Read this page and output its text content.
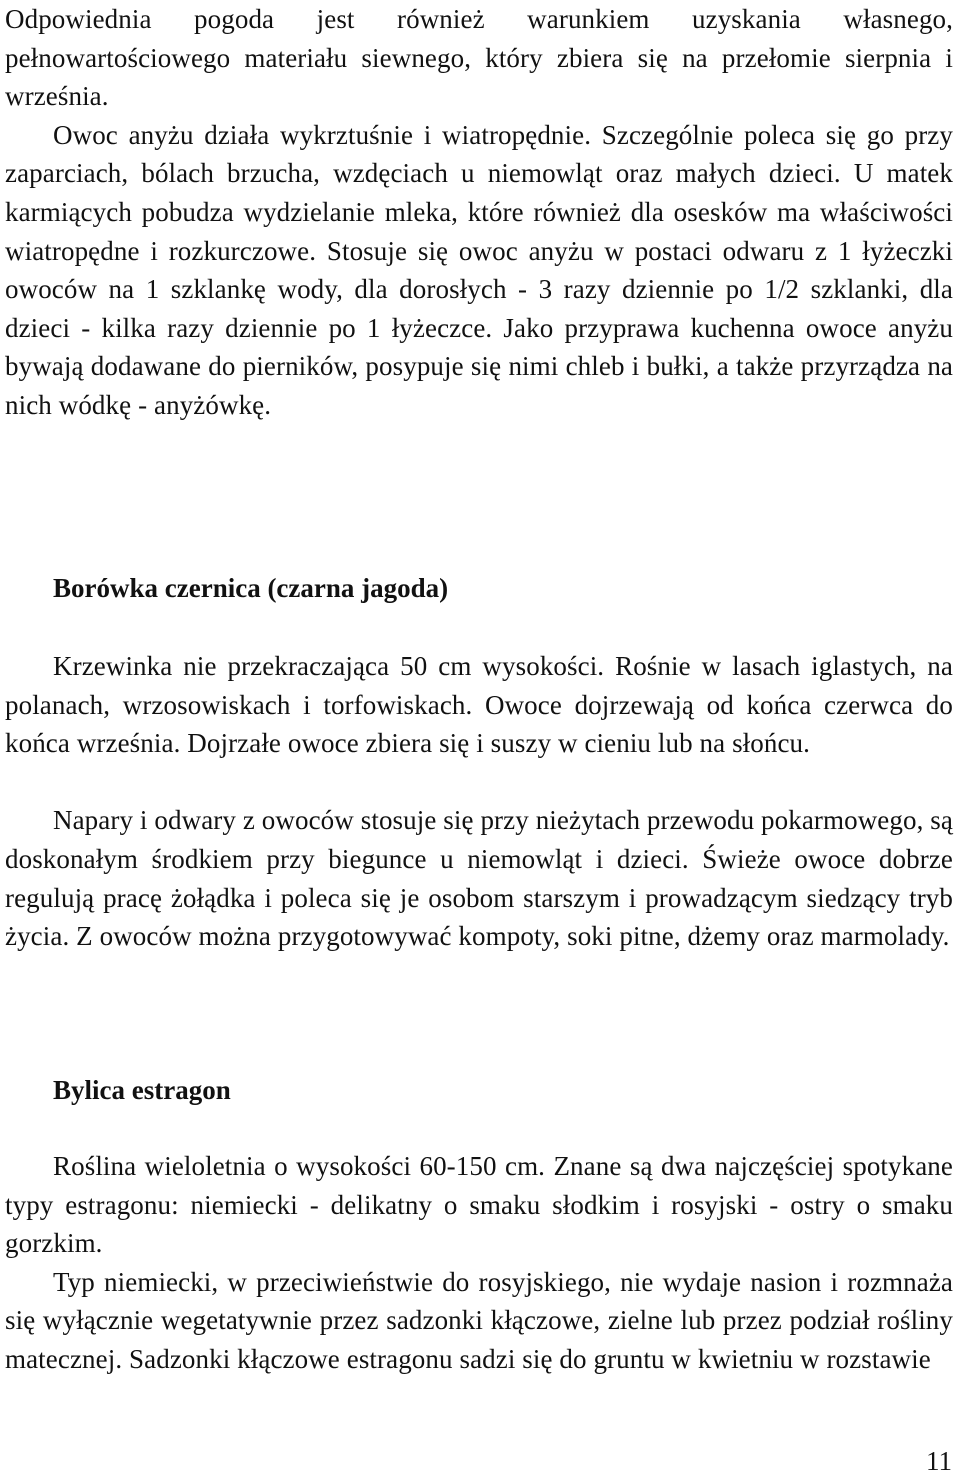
Odpowiednia pogoda jest również warunkiem uzyskania własnego, pełnowartościowego materiału siewnego, który zbiera się na przełomie sierpnia i września.

Owoc anyżu działa wykrztuśnie i wiatropędnie. Szczególnie poleca się go przy zaparciach, bólach brzucha, wzdęciach u niemowląt oraz małych dzieci. U matek karmiących pobudza wydzielanie mleka, które również dla osesków ma właściwości wiatropędne i rozkurczowe. Stosuje się owoc anyżu w postaci odwaru z 1 łyżeczki owoców na 1 szklankę wody, dla dorosłych - 3 razy dziennie po 1/2 szklanki, dla dzieci - kilka razy dziennie po 1 łyżeczce. Jako przyprawa kuchenna owoce anyżu bywają dodawane do pierników, posypuje się nimi chleb i bułki, a także przyrządza na nich wódkę - anyżówkę.

Borówka czernica (czarna jagoda)

Krzewinka nie przekraczająca 50 cm wysokości. Rośnie w lasach iglastych, na polanach, wrzosowiskach i torfowiskach. Owoce dojrzewają od końca czerwca do końca września. Dojrzałe owoce zbiera się i suszy w cieniu lub na słońcu.

Napary i odwary z owoców stosuje się przy nieżytach przewodu pokarmowego, są doskonałym środkiem przy biegunce u niemowląt i dzieci. Świeże owoce dobrze regulują pracę żołądka i poleca się je osobom starszym i prowadzącym siedzący tryb życia. Z owoców można przygotowywać kompoty, soki pitne, dżemy oraz marmolady.

Bylica estragon

Roślina wieloletnia o wysokości 60-150 cm. Znane są dwa najczęściej spotykane typy estragonu: niemiecki - delikatny o smaku słodkim i rosyjski - ostry o smaku gorzkim.

Typ niemiecki, w przeciwieństwie do rosyjskiego, nie wydaje nasion i rozmnaża się wyłącznie wegetatywnie przez sadzonki kłączowe, zielne lub przez podział rośliny matecznej. Sadzonki kłączowe estragonu sadzi się do gruntu w kwietniu w rozstawie

11
